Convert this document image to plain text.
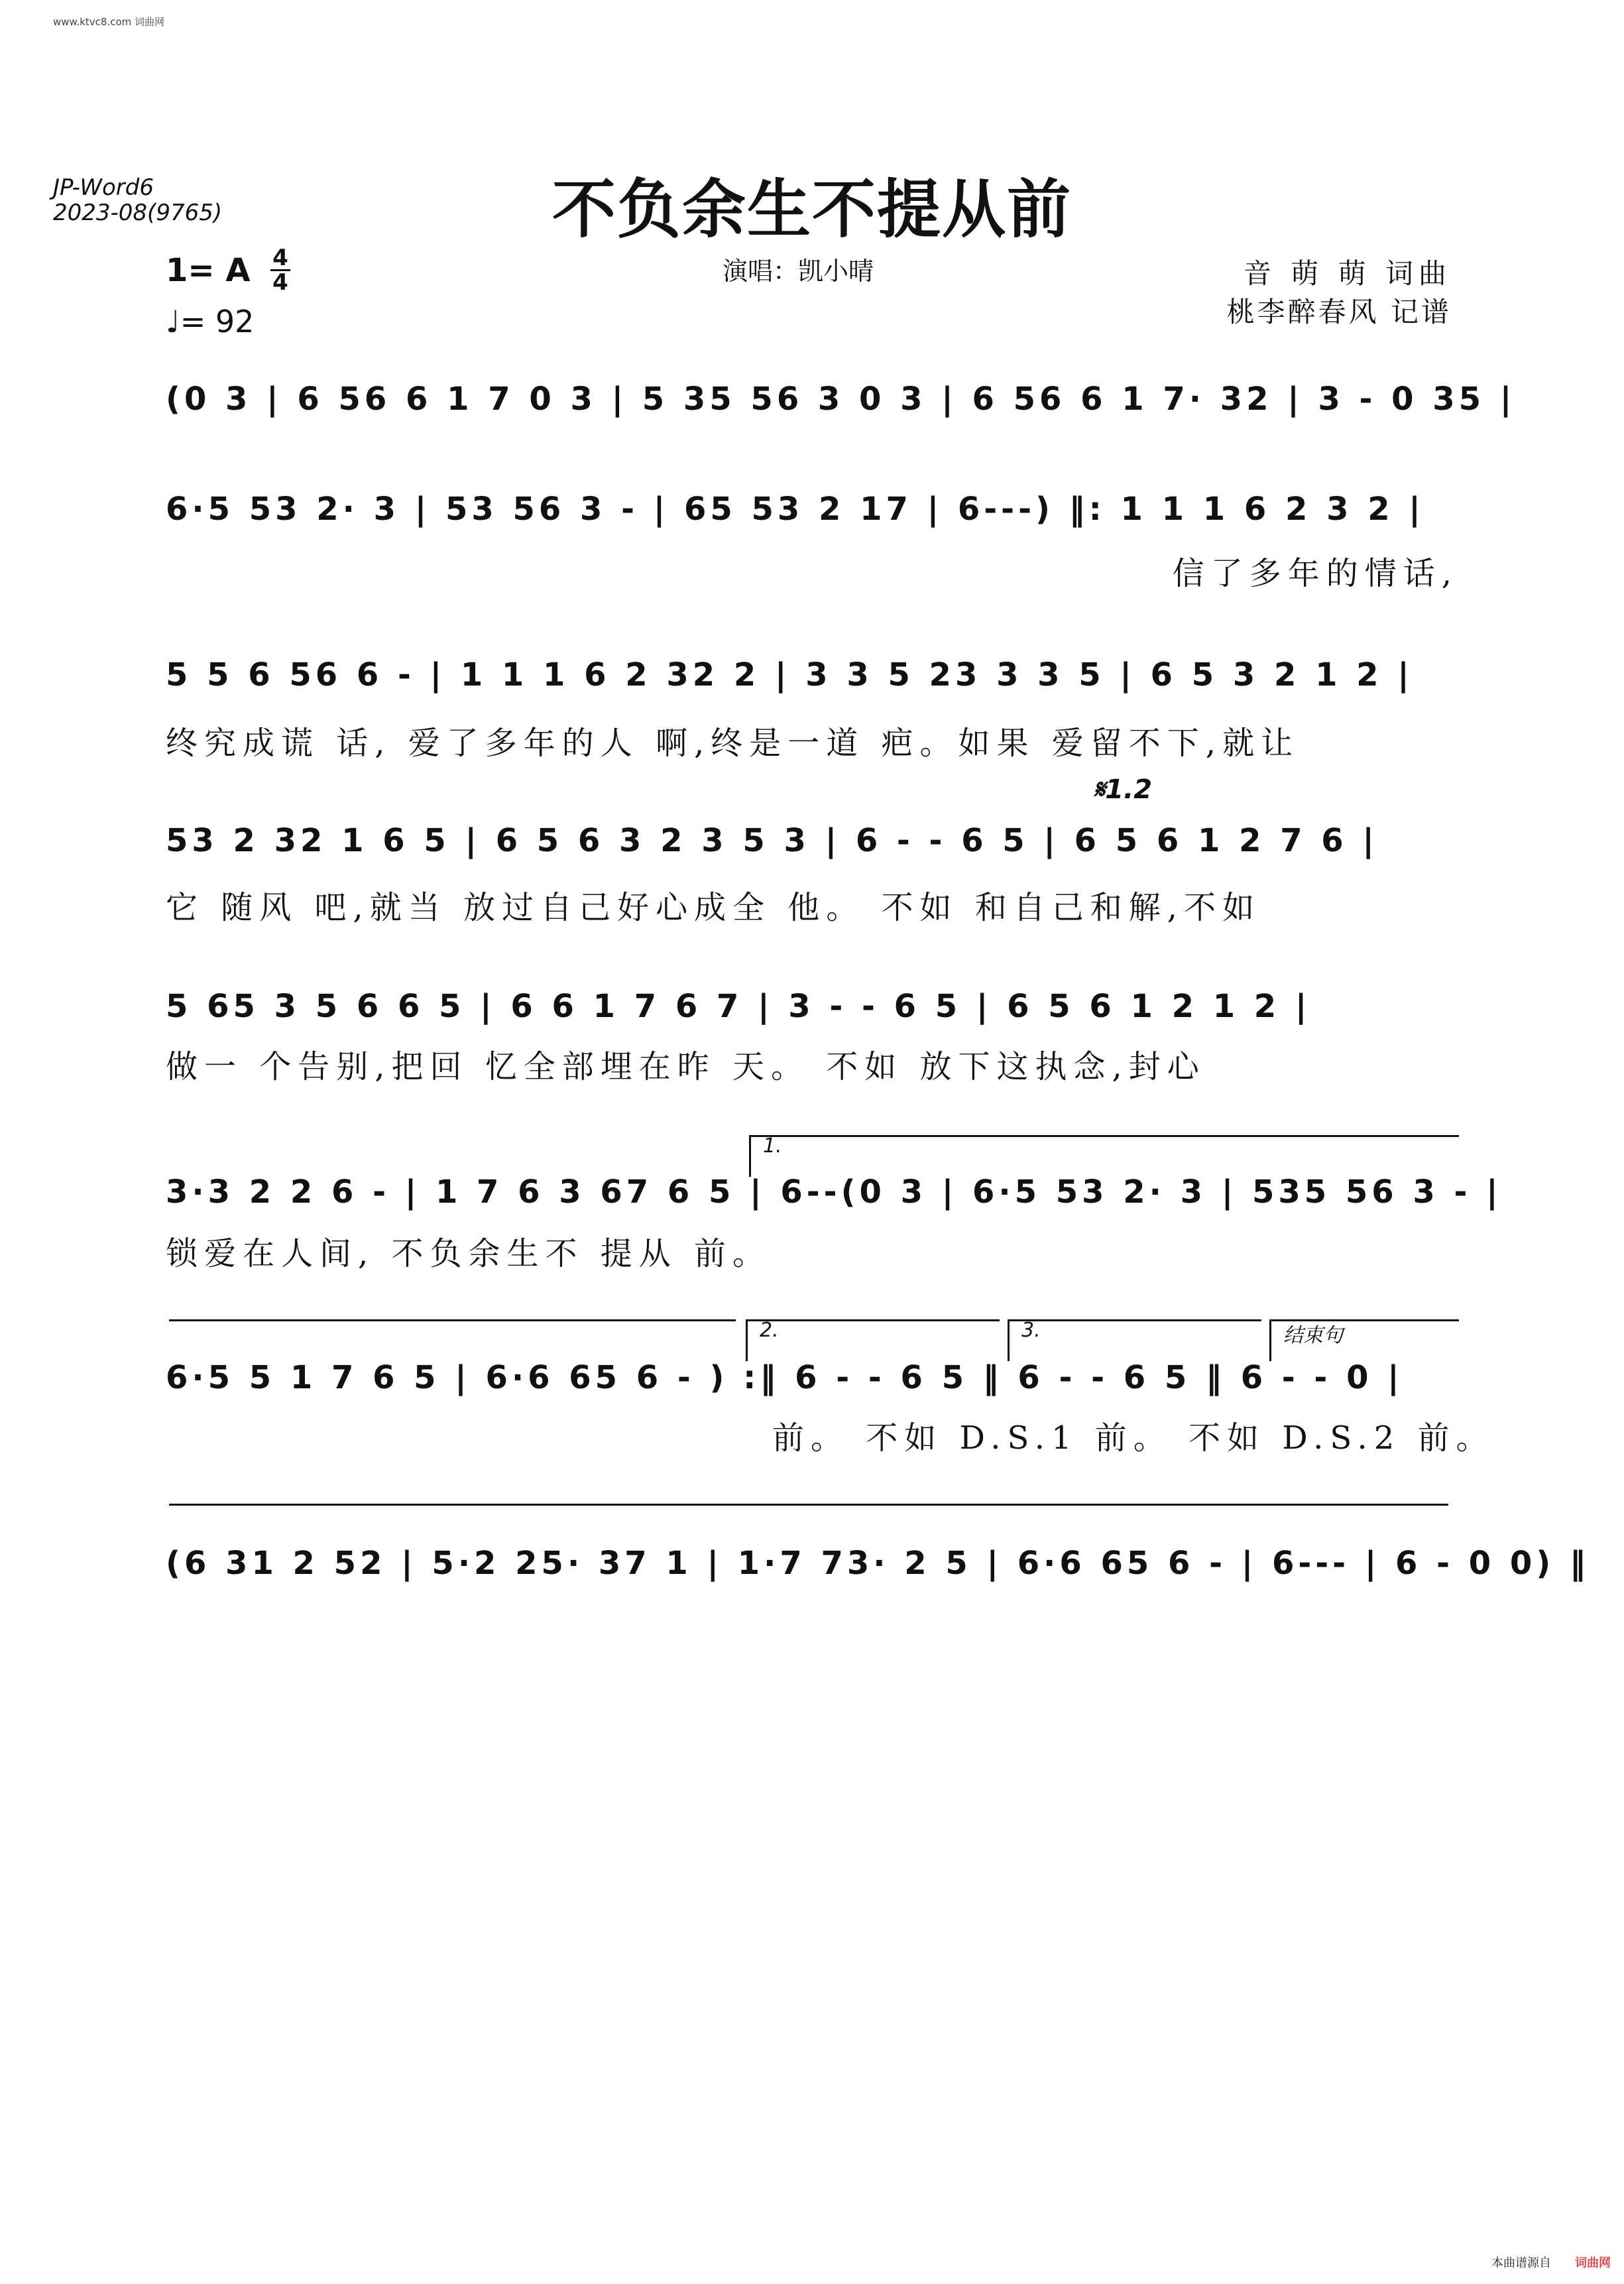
www.ktvc8.com 词曲网
JP-Word6
2023-08(9765)	不负余生不提从前
1= A 4
4
♩= 92
演唱：凯小晴	音 萌 萌 词曲
桃李醉春风 记谱
(0 3 | 6 56 6 1 7 0 3 | 5 35 56 3 0 3 | 6 56 6 1 7· 32 | 3 - 0 35 |
6·5 53 2· 3 | 53 56 3 - | 65 53 2 17 | 6---) ‖: 1 1 1 6 2 3 2 |
信了多年的情话,
5 5 6 56 6 - | 1 1 1 6 2 32 2 | 3 3 5 23 3 3 5 | 6 5 3 2 1 2 |
终究成谎 话, 爱了多年的人 啊,终是一道 疤。如果 爱留不下,就让
𝄋1.2
53 2 32 1 6 5 | 6 5 6 3 2 3 5 3 | 6 - - 6 5 | 6 5 6 1 2 7 6 |
它 随风 吧,就当 放过自己好心成全 他。 不如 和自己和解,不如
5 65 3 5 6 6 5 | 6 6 1 7 6 7 | 3 - - 6 5 | 6 5 6 1 2 1 2 |
做一 个告别,把回 忆全部埋在昨 天。 不如 放下这执念,封心
1.
3·3 2 2 6 - | 1 7 6 3 67 6 5 | 6--(0 3 | 6·5 53 2· 3 | 535 56 3 - |
锁爱在人间, 不负余生不 提从 前。
2.	3.	结束句
6·5 5 1 7 6 5 | 6·6 65 6 - ) :‖ 6 - - 6 5 ‖ 6 - - 6 5 ‖ 6 - - 0 |
前。 不如 D.S.1 前。 不如 D.S.2 前。
(6 31 2 52 | 5·2 25· 37 1 | 1·7 73· 2 5 | 6·6 65 6 - | 6--- | 6 - 0 0) ‖
本曲谱源自 词曲网
